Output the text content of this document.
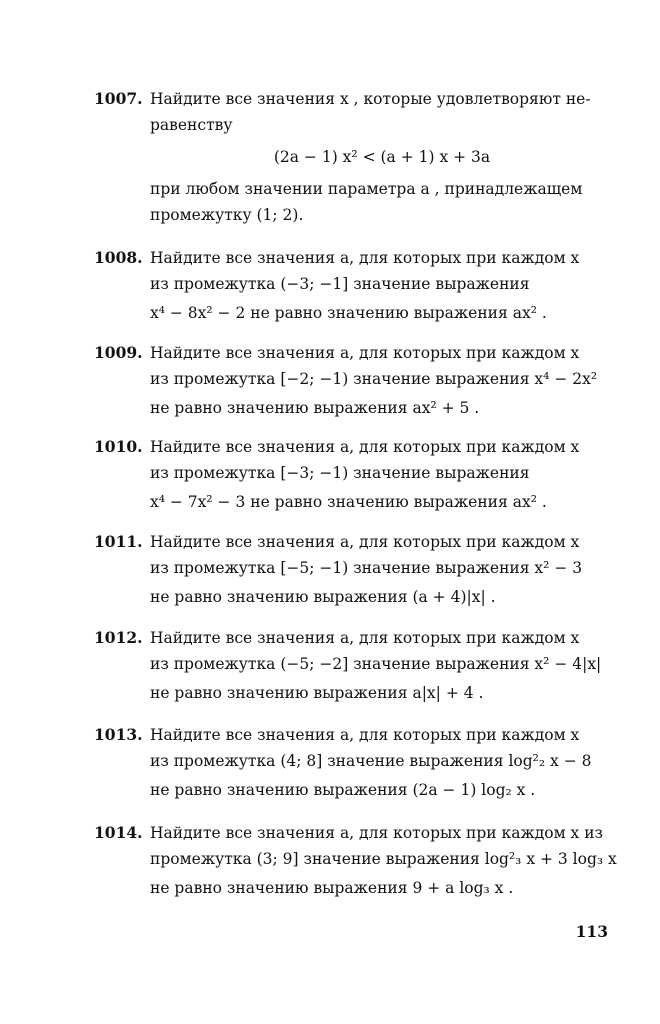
1007. Найдите все значения x , которые удовлетворяют не-
равенству
(2a − 1) x² < (a + 1) x + 3a
при любом значении параметра a , принадлежащем
промежутку (1; 2).
1008. Найдите все значения a, для которых при каждом x
из промежутка (−3; −1] значение выражения
x⁴ − 8x² − 2 не равно значению выражения ax² .
1009. Найдите все значения a, для которых при каждом x
из промежутка [−2; −1) значение выражения x⁴ − 2x²
не равно значению выражения ax² + 5 .
1010. Найдите все значения a, для которых при каждом x
из промежутка [−3; −1) значение выражения
x⁴ − 7x² − 3 не равно значению выражения ax² .
1011. Найдите все значения a, для которых при каждом x
из промежутка [−5; −1) значение выражения x² − 3
не равно значению выражения (a + 4)|x| .
1012. Найдите все значения a, для которых при каждом x
из промежутка (−5; −2] значение выражения x² − 4|x|
не равно значению выражения a|x| + 4 .
1013. Найдите все значения a, для которых при каждом x
из промежутка (4; 8] значение выражения log²₂ x − 8
не равно значению выражения (2a − 1) log₂ x .
1014. Найдите все значения a, для которых при каждом x из
промежутка (3; 9] значение выражения log²₃ x + 3 log₃ x
не равно значению выражения 9 + a log₃ x .
113
